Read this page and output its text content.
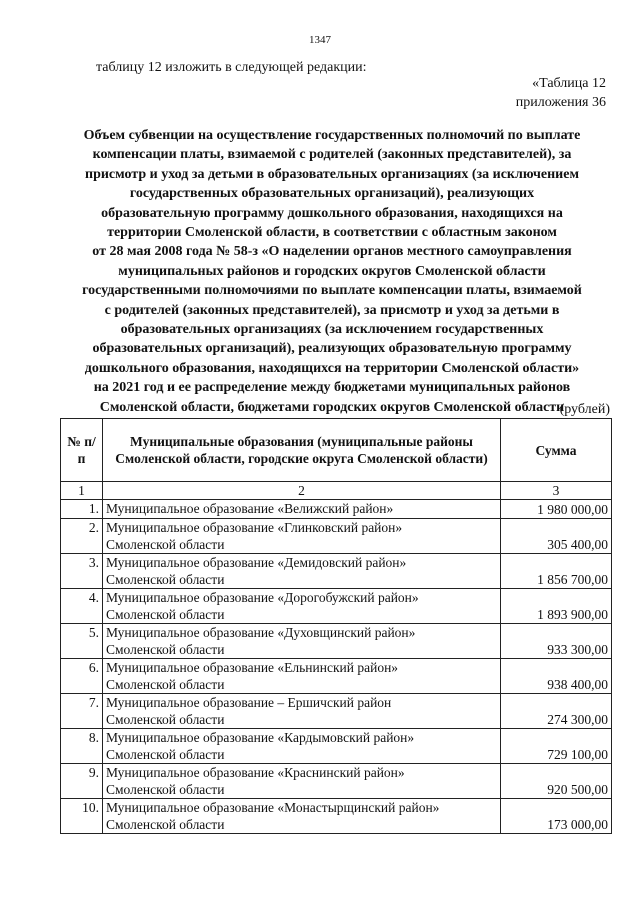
1347
таблицу 12 изложить в следующей редакции:
«Таблица 12
приложения 36
Объем субвенции на осуществление государственных полномочий по выплате
компенсации платы, взимаемой с родителей (законных представителей), за
присмотр и уход за детьми в образовательных организациях (за исключением
государственных образовательных организаций), реализующих
образовательную программу дошкольного образования, находящихся на
территории Смоленской области, в соответствии с областным законом
от 28 мая 2008 года № 58-з «О наделении органов местного самоуправления
муниципальных районов и городских округов Смоленской области
государственными полномочиями по выплате компенсации платы, взимаемой
с родителей (законных представителей), за присмотр и уход за детьми в
образовательных организациях (за исключением государственных
образовательных организаций), реализующих образовательную программу
дошкольного образования, находящихся на территории Смоленской области»
на 2021 год и ее распределение между бюджетами муниципальных районов
Смоленской области, бюджетами городских округов Смоленской области
(рублей)
№ п/п	Муниципальные образования (муниципальные районы Смоленской области, городские округа Смоленской области)	Сумма
1	2	3
1.	Муниципальное образование «Велижский район»	1 980 000,00
2.	Муниципальное образование «Глинковский район»
Смоленской области	305 400,00
3.	Муниципальное образование «Демидовский район»
Смоленской области	1 856 700,00
4.	Муниципальное образование «Дорогобужский район»
Смоленской области	1 893 900,00
5.	Муниципальное образование «Духовщинский район»
Смоленской области	933 300,00
6.	Муниципальное образование «Ельнинский район»
Смоленской области	938 400,00
7.	Муниципальное образование – Ершичский район
Смоленской области	274 300,00
8.	Муниципальное образование «Кардымовский район»
Смоленской области	729 100,00
9.	Муниципальное образование «Краснинский район»
Смоленской области	920 500,00
10.	Муниципальное образование «Монастырщинский район»
Смоленской области	173 000,00
